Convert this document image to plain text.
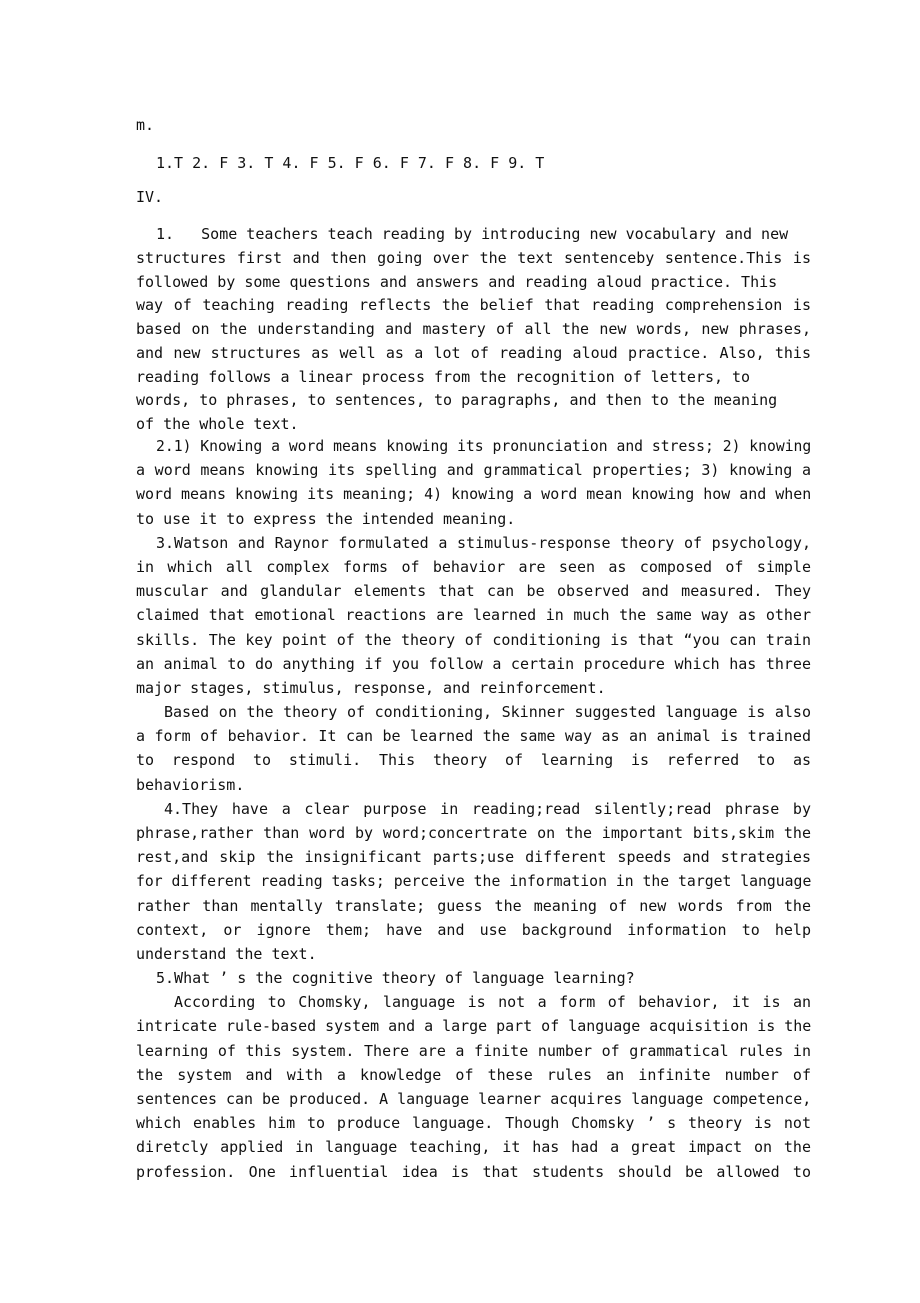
m.
1.T 2. F 3. T 4. F 5. F 6. F 7. F 8. F 9. T
IV.
1.   Some teachers teach reading by introducing new vocabulary and new
structures first and then going over the text sentenceby sentence.This is
followed by some questions and answers and reading aloud practice. This
way of teaching reading reflects the belief that reading comprehension is
based on the understanding and mastery of all the new words, new phrases,
and new structures as well as a lot of reading aloud practice. Also, this
reading follows a linear process from the recognition of letters, to
words, to phrases, to sentences, to paragraphs, and then to the meaning
of the whole text.
2.1) Knowing a word means knowing its pronunciation and stress; 2) knowing
a word means knowing its spelling and grammatical properties; 3) knowing a
word means knowing its meaning; 4) knowing a word mean knowing how and when
to use it to express the intended meaning.
3.Watson and Raynor formulated a stimulus-response theory of psychology,
in which all complex forms of behavior are seen as composed of simple
muscular and glandular elements that can be observed and measured. They
claimed that emotional reactions are learned in much the same way as other
skills. The key point of the theory of conditioning is that “you can train
an animal to do anything if you follow a certain procedure which has three
major stages, stimulus, response, and reinforcement.
Based on the theory of conditioning, Skinner suggested language is also
a form of behavior. It can be learned the same way as an animal is trained
to respond to stimuli. This theory of learning is referred to as
behaviorism.
4.They have a clear purpose in reading;read silently;read phrase by
phrase,rather than word by word;concertrate on the important bits,skim the
rest,and skip the insignificant parts;use different speeds and strategies
for different reading tasks; perceive the information in the target language
rather than mentally translate; guess the meaning of new words from the
context, or ignore them; have and use background information to help
understand the text.
5.What ’ s the cognitive theory of language learning?
According to Chomsky, language is not a form of behavior, it is an
intricate rule-based system and a large part of language acquisition is the
learning of this system. There are a finite number of grammatical rules in
the system and with a knowledge of these rules an infinite number of
sentences can be produced. A language learner acquires language competence,
which enables him to produce language. Though Chomsky ’ s theory is not
diretcly applied in language teaching, it has had a great impact on the
profession. One influential idea is that students should be allowed to
